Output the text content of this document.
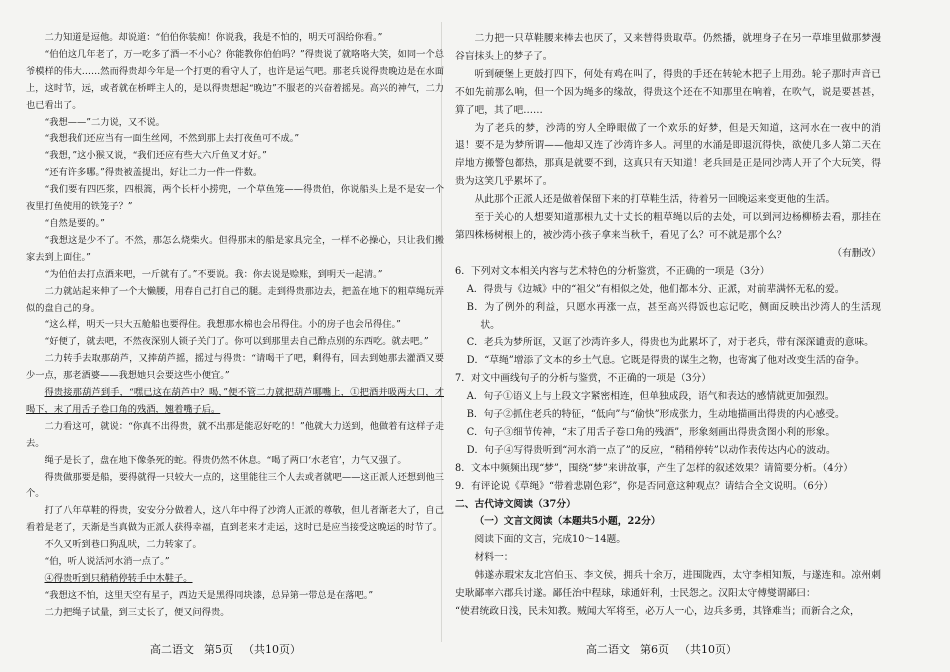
二力知道是逗他。却说道：“伯伯你装痴！你说我，我是不怕的，明天可泅给你看。”

“伯伯这几年老了，万一吃多了酒一不小心？你能教你伯伯吗？”得贵说了就咯咯大笑，如同一个总爷模样的伟大……然而得贵却今年是一个打更的看守人了，也许是运气吧。那老兵说得贵晚边是在水面上，这时节，远，或者就在桥畔主人的，是以得贵想起“晚边”不服老的兴奋着摇晃。高兴的神气，二力也已看出了。

“我想——”二力说，又不说。

“我想我们还应当有一面生丝网，不然到那上去打夜鱼可不成。”

“我想，”这小猴又说，“我们还应有些大六斤鱼叉才好。”

“还有许多哪。”得贵被盖提出，好让二力一件一件数。

“我们要有四匹浆，四根篙，两个长杆小捞兜，一个草鱼笼——得贵伯，你说船头上是不是安一个夜里打鱼使用的铁笼子？”

“自然是要的。”

“我想这是少不了。不然，那怎么烧柴火。但得那末的船是家具完全，一样不必操心，只让我们搬家去到上面住。”

“为伯伯去打点酒来吧，一斤就有了。”不要说。我：你去说是赊账，到明天一起清。”

二力就站起来伸了一个大懒腰，用春自己打自己的腿。走到得贵那边去，把盖在地下的粗草绳玩弄似的盘自己的身。

“这么样，明天一只大五舱船也要得住。我想那水棉也会吊得住。小的房子也会吊得住。”

“好便了，就去吧，不然夜深别人锁子关门了。你可以到那里去自己酢点别的东西吃。就去吧。”

二力转手去取那葫芦，又捧葫芦摇，摇过与得贵：“请喝干了吧，剩得有，回去到她那去灌酒又要少一点，那老酒婆——我想她只会要这些小便宜。”

得贵接那葫芦到手，“嘿已这在葫芦中？喝，”便不管二力就把葫芦哪嘴上，①把酒并吸两大口，才喝下，末了用舌子卷口角的残酒，翘着嘴子后。

二力看这可，就说：“你真不出得贵，就不出那是能忍好吃的！”他就大力送到，他做着有这样子走去。

绳子是长了，盘在地下像条死的蛇。得贵仍然不休息。“喝了两口‘水老官’，力气又强了。

得贵做那要是船，要得就得一只较大一点的，这里能往三个人去或者就吧——这正派人还想到他三个。

打了八年草鞋的得贵，安安分分做着人，这八年中得了沙湾人正派的尊敬，但儿者渐老大了，自己看着是老了，天渐是当真做为正派人获得幸福，直到老来才走运，这时已是应当接受这晚运的时节了。

不久又听到巷口狗乱吠，二力转家了。

“伯，听人说活河水消一点了。”

④得贵听到只稍稍停转手中木鞋子。

“我想这不怕，这里天空有星子，西边天是黑得同块漆，总异第一带总是在落吧。”

二力把绳子试量，到三丈长了，便又问得贵。

二力把一只草鞋腰来棒去也厌了，又来替得贵取草。仍然播，就埋身子在另一草堆里做那梦漫谷盲抹头上的梦子了。

听到硬堡上更鼓打四下，何处有鸡在叫了，得贵的手还在转轮木把子上用劲。轮子那时声音已不如先前那么响，但一个因为绳多的缘故，得贵这个还在不知那里在响着，在吹气，说是要甚甚，算了吧，其了吧……

为了老兵的梦，沙湾的穷人全睁眼做了一个欢乐的好梦，但是天知道，这河水在一夜中的消退！要不是为梦所谓——他却又连了沙湾许多人。河里的水涌是即退沉得快，欲使几多人第二天在岸地方搬警包都热，那真是就要不到，这真只有天知道！老兵回是正是同沙湾人开了个大玩笑，得贵为这笑几乎累坏了。

从此那个正派人还是做着保留下来的打草鞋生活，待着另一回晚运来变更他的生活。

至于关心的人想要知道那根九丈十丈长的粗草绳以后的去处，可以到河边杨柳桥去看，那挂在第四株杨树根上的，被沙湾小孩子拿来当秋千，看见了么？可不就是那个么？

（有删改）

6．下列对文本相关内容与艺术特色的分析鉴赏，不正确的一项是（3分）

A．得贵与《边城》中的“祖父”有相似之处，他们都本分、正派，对前辈满怀无私的爱。

B．为了例外的利益，只愿水再涨一点，甚至高兴得饭也忘记吃，侧面反映出沙湾人的生活现状。

C．老兵为梦所诓，又诓了沙湾许多人，得贵也为此累坏了，对于老兵，带有深深谴责的意味。

D．“草绳”增添了文本的乡土气息。它既是得贵的谋生之物，也寄寓了他对改变生活的奋争。

7．对文中画线句子的分析与鉴赏，不正确的一项是（3分）

A．句子①语义上与上段文字紧密相连，但单独成段，语气和表达的感情就更加强烈。

B．句子②抓住老兵的特征，“低向”与“偷快”形成张力，生动地描画出得贵的内心感受。

C．句子③细节传神，“末了用舌子卷口角的残酒”，形象刻画出得贵贪图小利的形象。

D．句子④写得贵听到“河水消一点了”的反应，“稍稍停转”以动作表传达内心的波动。

8．文本中频频出现“梦”，围绕“梦”来讲故事，产生了怎样的叙述效果？请简要分析。（4分）

9．有评论说《草绳》“带着悲剧色彩”，你是否同意这种观点？请结合全文说明。（6分）

二、古代诗文阅读（37分）

（一）文言文阅读（本题共5小题，22分）

阅读下面的文言，完成10～14题。

材料一：

韩遂赤瑕宋友北宫伯玉、李文侯，拥兵十余万，进围陇西，太守李相知叛，与遂连和。凉州刺史耿鄙率六郡兵讨遂。鄙任治中程球，球通奸利，士民怨之。汉阳太守傅燮谓鄙曰：

“使君统政日浅，民未知教。贼闻大军将至，必万人一心，边兵多勇，其锋难当；而新合之众，

高二语文 第5页 （共10页）	高二语文 第6页 （共10页）
